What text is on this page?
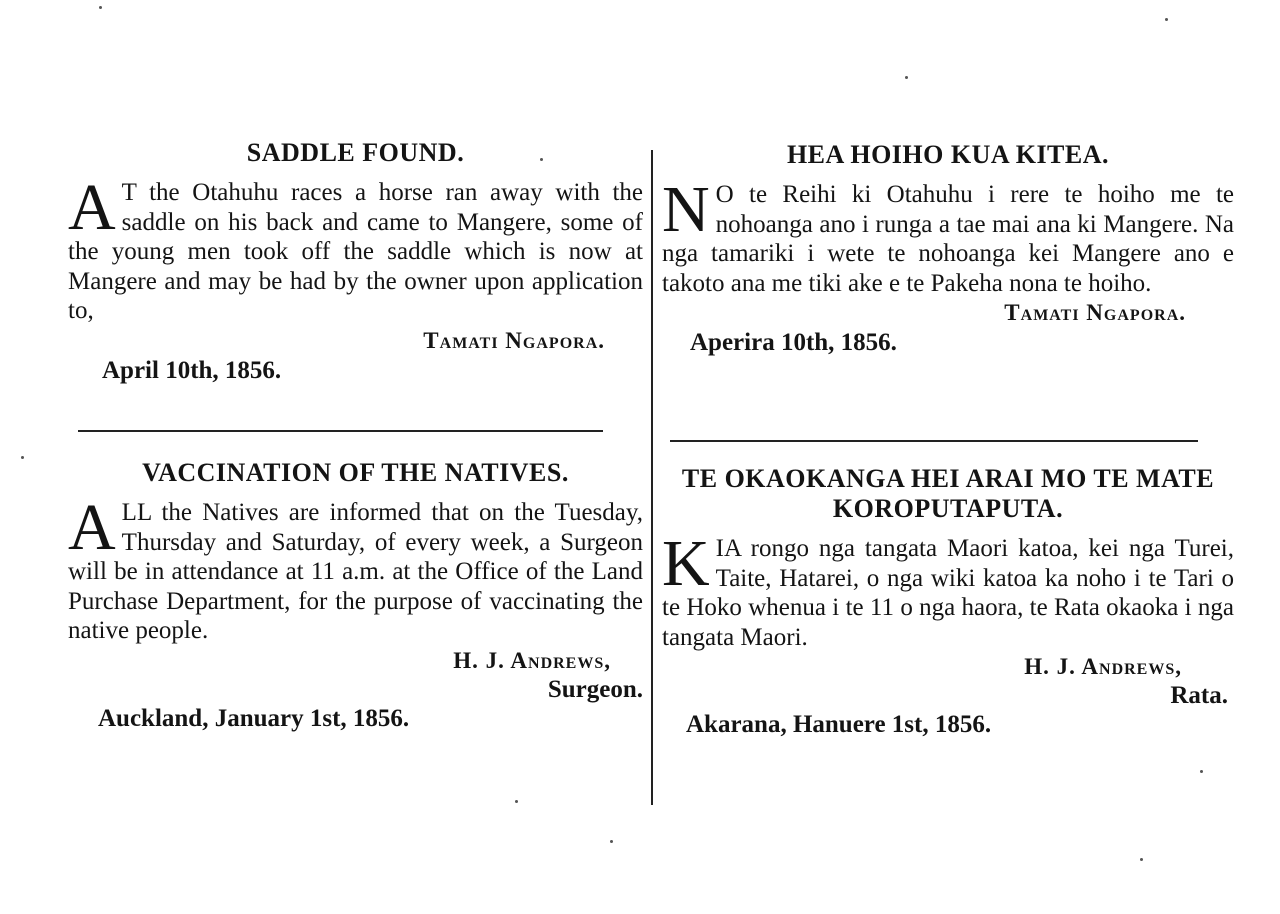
SADDLE FOUND.
A T the Otahuhu races a horse ran away with the saddle on his back and came to Mangere, some of the young men took off the saddle which is now at Mangere and may be had by the owner upon application to,
Tamati Ngapora.
April 10th, 1856.
VACCINATION OF THE NATIVES.
ALL the Natives are informed that on the Tuesday, Thursday and Saturday, of every week, a Surgeon will be in attendance at 11 a.m. at the Office of the Land Purchase Department, for the purpose of vaccinating the native people.
H. J. Andrews,
Surgeon.
Auckland, January 1st, 1856.
HEA HOIHO KUA KITEA.
N O te Reihi ki Otahuhu i rere te hoiho me te nohoanga ano i runga a tae mai ana ki Mangere. Na nga tamariki i wete te nohoanga kei Mangere ano e takoto ana me tiki ake e te Pakeha nona te hoiho.
Tamati Ngapora.
Aperira 10th, 1856.
TE OKAOKANGA HEI ARAI MO TE MATE KOROPUTAPUTA.
KIA rongo nga tangata Maori katoa, kei nga Turei, Taite, Hatarei, o nga wiki katoa ka noho i te Tari o te Hoko whenua i te 11 o nga haora, te Rata okaoka i nga tangata Maori.
H. J. Andrews,
Rata.
Akarana, Hanuere 1st, 1856.
